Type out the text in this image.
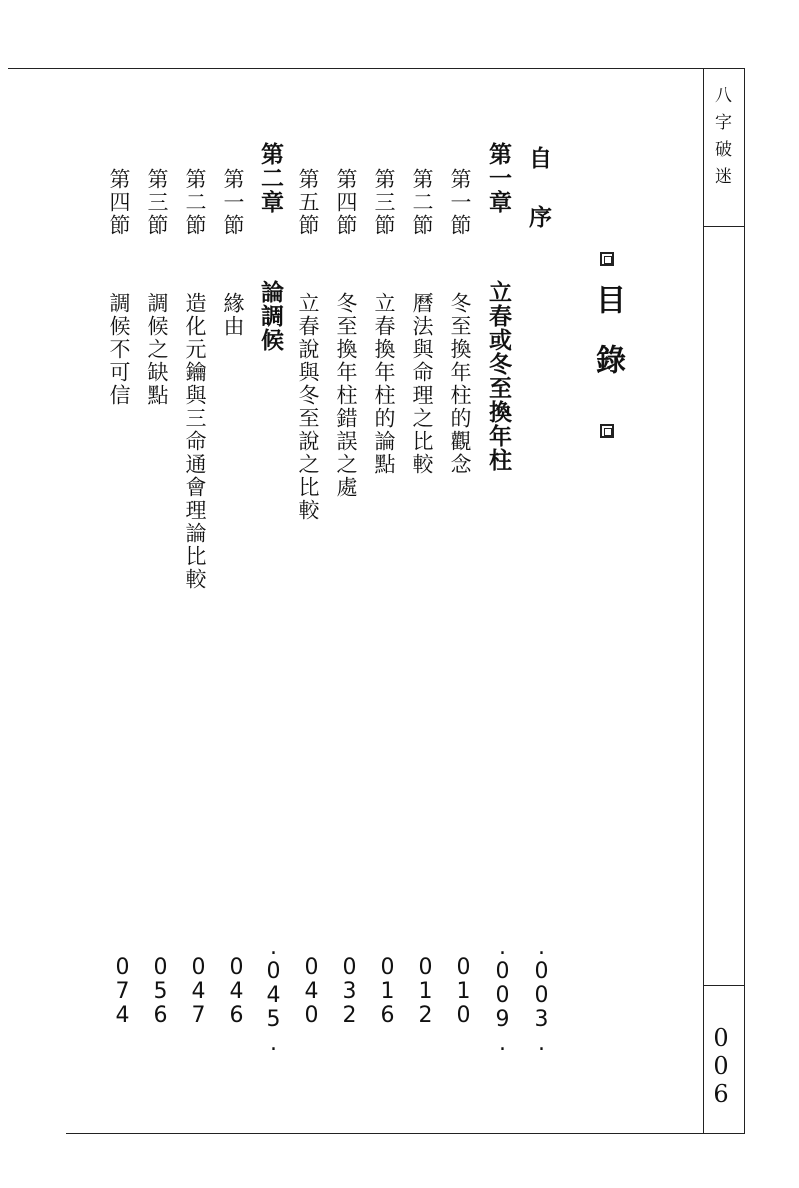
八字破迷
006
目　錄
自
序
.003.
第一章
立春或冬至換年柱
.009.
第一節
冬至換年柱的觀念
010
第二節
曆法與命理之比較
012
第三節
立春換年柱的論點
016
第四節
冬至換年柱錯誤之處
032
第五節
立春說與冬至說之比較
040
第二章
論調候
.045.
第一節
緣由
046
第二節
造化元鑰與三命通會理論比較
047
第三節
調候之缺點
056
第四節
調候不可信
074
